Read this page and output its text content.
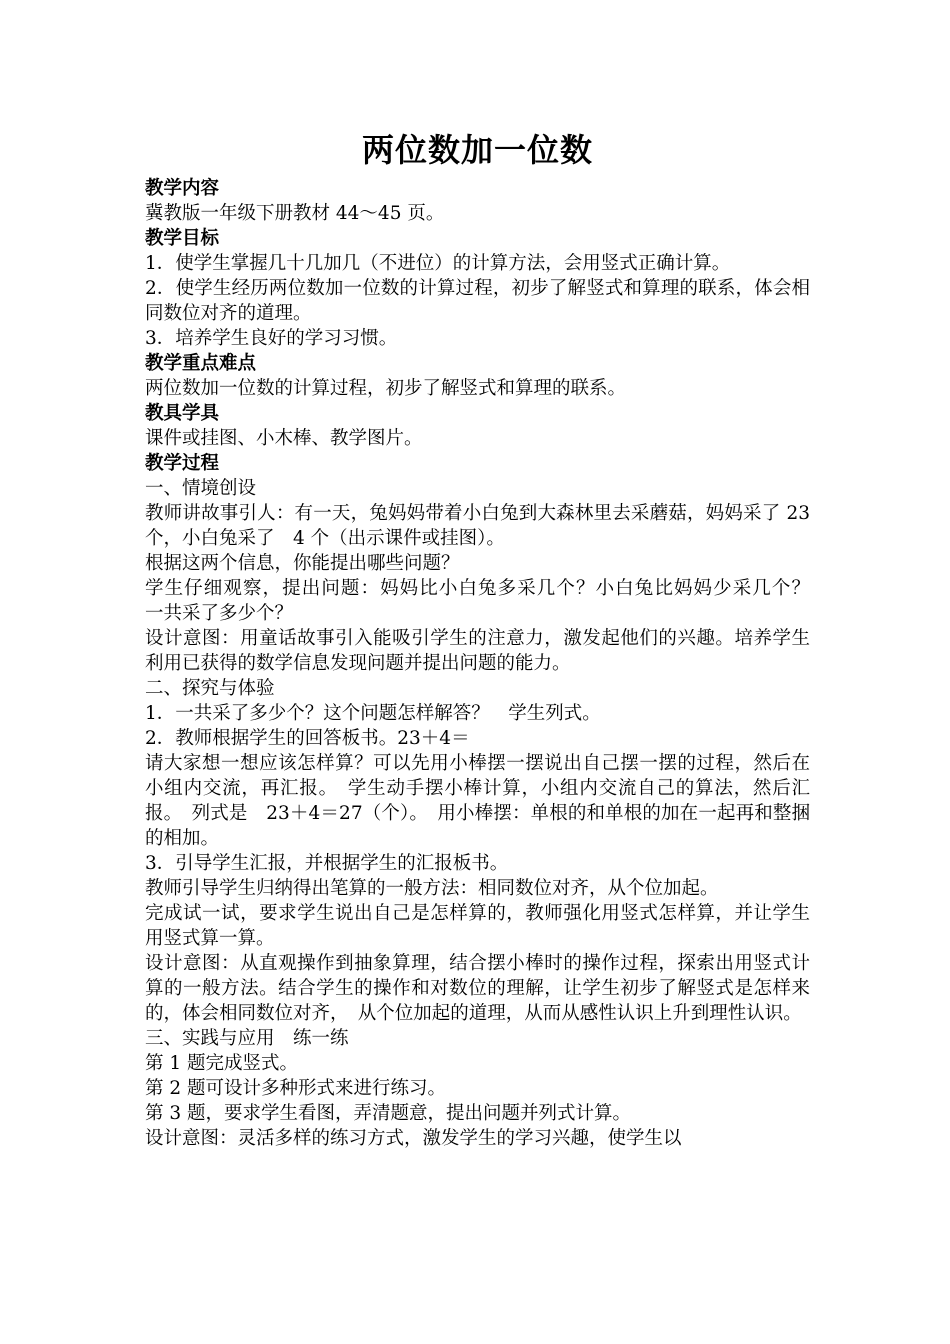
两位数加一位数

教学内容

冀教版一年级下册教材 44～45 页。

教学目标

1．使学生掌握几十几加几（不进位）的计算方法，会用竖式正确计算。

2．使学生经历两位数加一位数的计算过程，初步了解竖式和算理的联系，体会相同数位对齐的道理。

3．培养学生良好的学习习惯。

教学重点难点

两位数加一位数的计算过程，初步了解竖式和算理的联系。

教具学具

课件或挂图、小木棒、教学图片。

教学过程

一、情境创设

教师讲故事引人：有一天，兔妈妈带着小白兔到大森林里去采蘑菇，妈妈采了 23 个，小白兔采了　4 个（出示课件或挂图）。

根据这两个信息，你能提出哪些问题？

学生仔细观察，提出问题：妈妈比小白兔多采几个？小白兔比妈妈少采几个？　一共采了多少个？

设计意图：用童话故事引入能吸引学生的注意力，激发起他们的兴趣。培养学生利用已获得的数学信息发现问题并提出问题的能力。

二、探究与体验

1．一共采了多少个？这个问题怎样解答？　学生列式。

2．教师根据学生的回答板书。23＋4＝

请大家想一想应该怎样算？可以先用小棒摆一摆说出自己摆一摆的过程，然后在小组内交流，再汇报。　学生动手摆小棒计算，小组内交流自己的算法，然后汇报。　列式是　23＋4＝27（个）。　用小棒摆：单根的和单根的加在一起再和整捆的相加。

3．引导学生汇报，并根据学生的汇报板书。

教师引导学生归纳得出笔算的一般方法：相同数位对齐，从个位加起。

完成试一试，要求学生说出自己是怎样算的，教师强化用竖式怎样算，并让学生用竖式算一算。

设计意图：从直观操作到抽象算理，结合摆小棒时的操作过程，探索出用竖式计算的一般方法。结合学生的操作和对数位的理解，让学生初步了解竖式是怎样来的，体会相同数位对齐，　从个位加起的道理，从而从感性认识上升到理性认识。

三、实践与应用　练一练

第 1 题完成竖式。

第 2 题可设计多种形式来进行练习。

第 3 题，要求学生看图，弄清题意，提出问题并列式计算。

设计意图：灵活多样的练习方式，激发学生的学习兴趣，使学生以
